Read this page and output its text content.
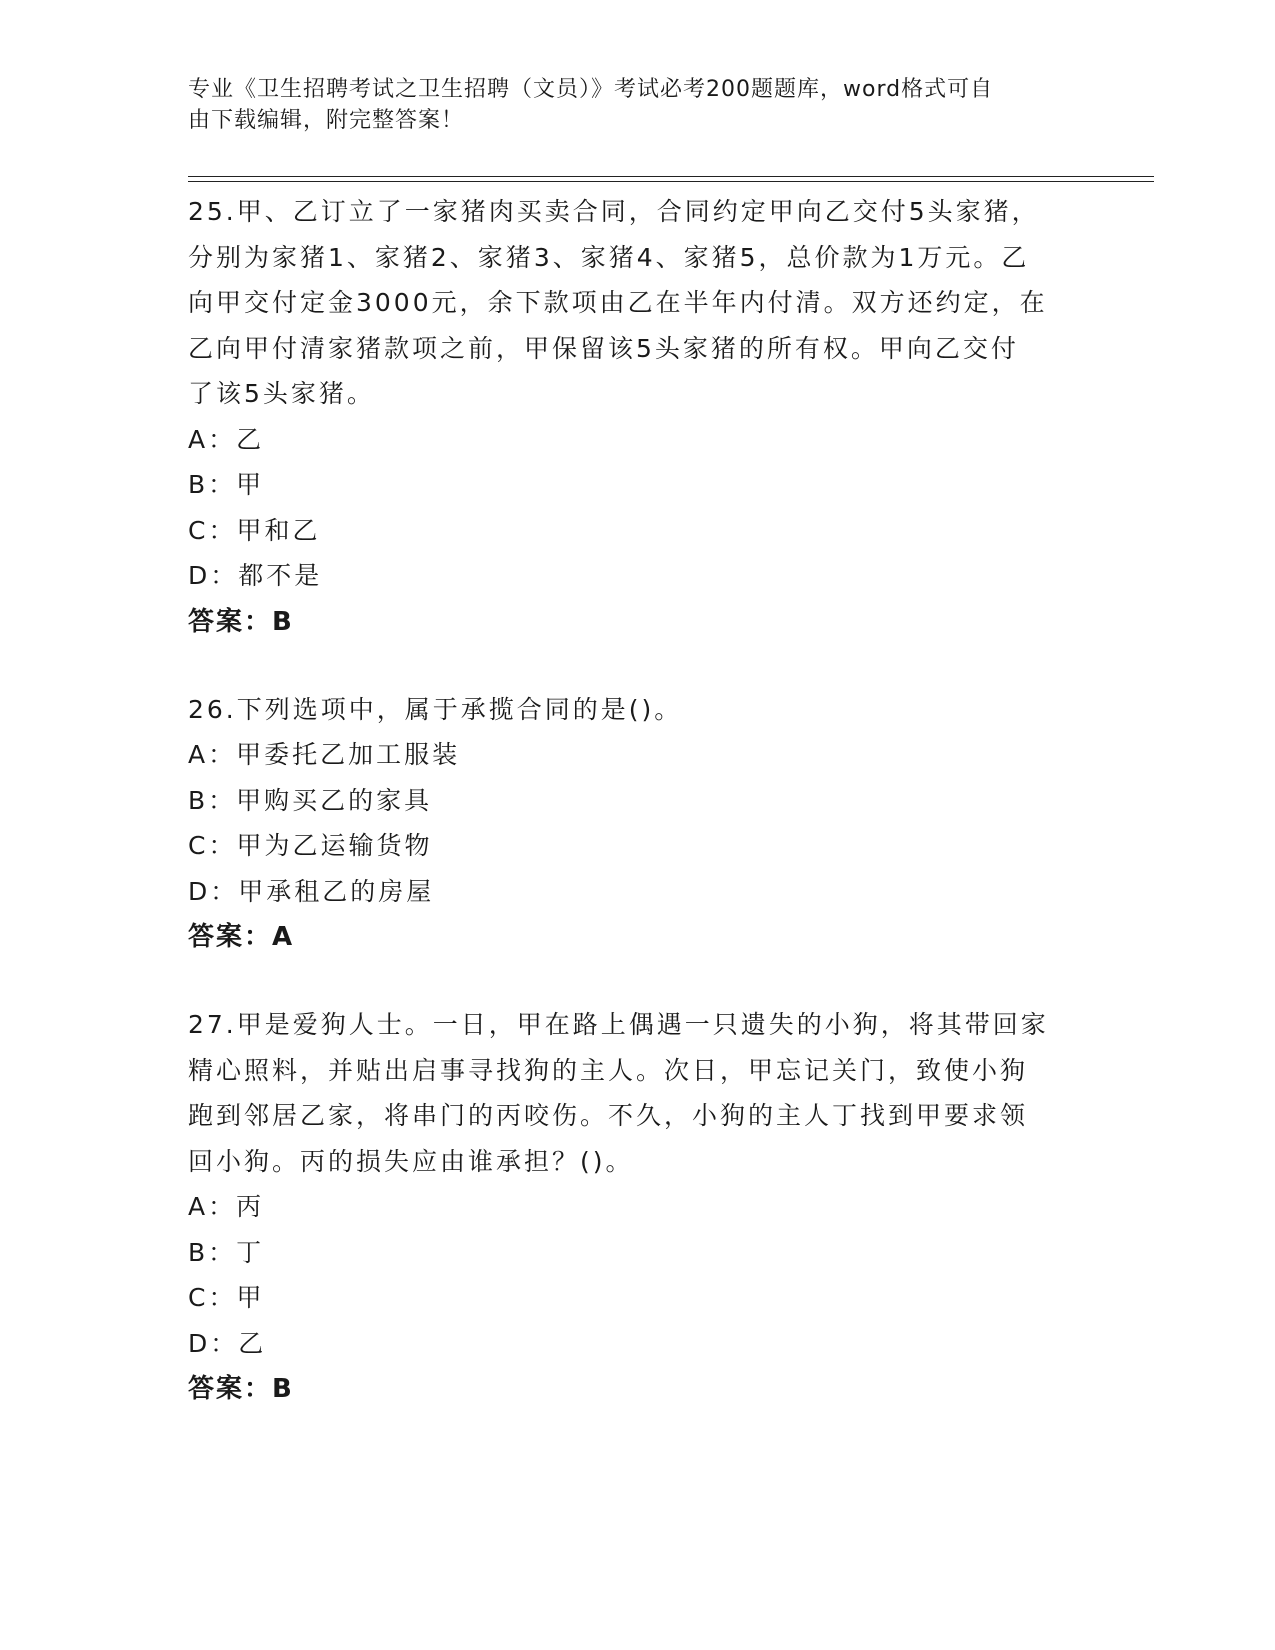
专业《卫生招聘考试之卫生招聘（文员）》考试必考200题题库，word格式可自
由下载编辑，附完整答案！
25.甲、乙订立了一家猪肉买卖合同，合同约定甲向乙交付5头家猪，
分别为家猪1、家猪2、家猪3、家猪4、家猪5，总价款为1万元。乙
向甲交付定金3000元，余下款项由乙在半年内付清。双方还约定，在
乙向甲付清家猪款项之前，甲保留该5头家猪的所有权。甲向乙交付
了该5头家猪。
A：乙
B：甲
C：甲和乙
D：都不是
答案：B
26.下列选项中，属于承揽合同的是()。
A：甲委托乙加工服装
B：甲购买乙的家具
C：甲为乙运输货物
D：甲承租乙的房屋
答案：A
27.甲是爱狗人士。一日，甲在路上偶遇一只遗失的小狗，将其带回家
精心照料，并贴出启事寻找狗的主人。次日，甲忘记关门，致使小狗
跑到邻居乙家，将串门的丙咬伤。不久，小狗的主人丁找到甲要求领
回小狗。丙的损失应由谁承担？()。
A：丙
B：丁
C：甲
D：乙
答案：B
